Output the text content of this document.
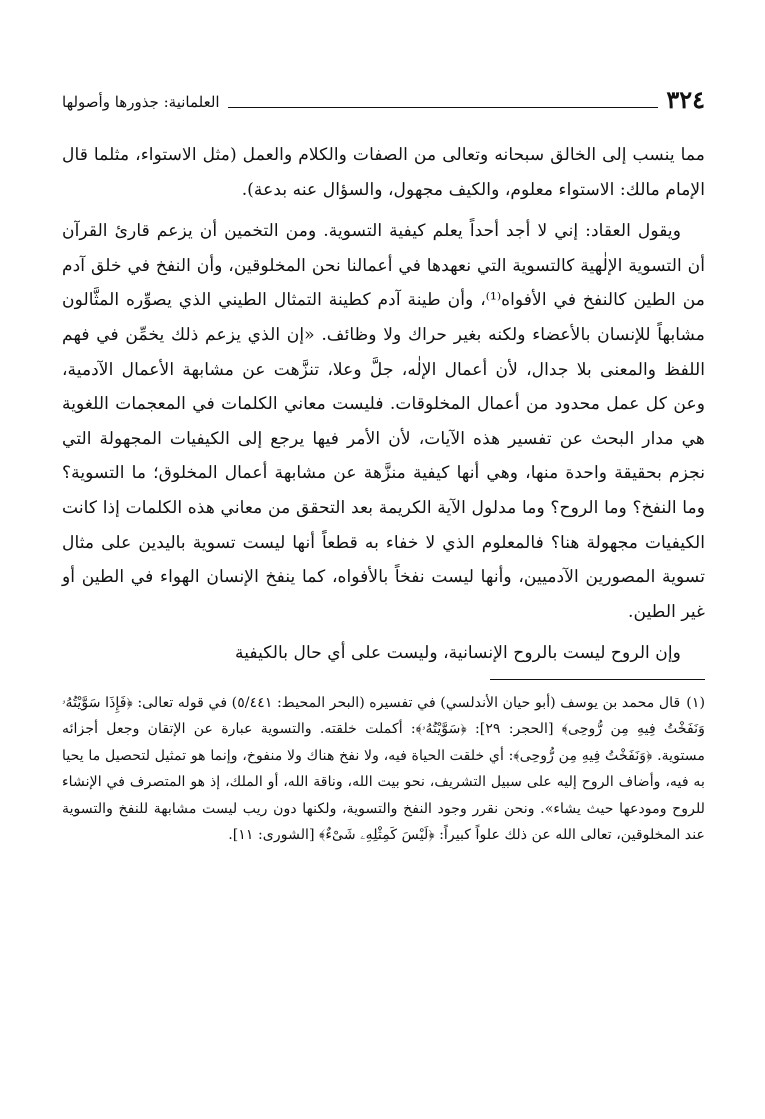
٣٢٤
العلمانية: جذورها وأصولها

مما ينسب إلى الخالق سبحانه وتعالى من الصفات والكلام والعمل (مثل الاستواء، مثلما قال الإمام مالك: الاستواء معلوم، والكيف مجهول، والسؤال عنه بدعة).

ويقول العقاد: إني لا أجد أحداً يعلم كيفية التسوية. ومن التخمين أن يزعم قارئ القرآن أن التسوية الإلٰهية كالتسوية التي نعهدها في أعمالنا نحن المخلوقين، وأن النفخ في خلق آدم من الطين كالنفخ في الأفواه⁽¹⁾، وأن طينة آدم كطينة التمثال الطيني الذي يصوِّره المثَّالون مشابهاً للإنسان بالأعضاء ولكنه بغير حراك ولا وظائف. «إن الذي يزعم ذلك يخمِّن في فهم اللفظ والمعنى بلا جدال، لأن أعمال الإلٰه، جلَّ وعلا، تنزَّهت عن مشابهة الأعمال الآدمية، وعن كل عمل محدود من أعمال المخلوقات. فليست معاني الكلمات في المعجمات اللغوية هي مدار البحث عن تفسير هذه الآيات، لأن الأمر فيها يرجع إلى الكيفيات المجهولة التي نجزم بحقيقة واحدة منها، وهي أنها كيفية منزَّهة عن مشابهة أعمال المخلوق؛ ما التسوية؟ وما النفخ؟ وما الروح؟ وما مدلول الآية الكريمة بعد التحقق من معاني هذه الكلمات إذا كانت الكيفيات مجهولة هنا؟ فالمعلوم الذي لا خفاء به قطعاً أنها ليست تسوية باليدين على مثال تسوية المصورين الآدميين، وأنها ليست نفخاً بالأفواه، كما ينفخ الإنسان الهواء في الطين أو غير الطين.

وإن الروح ليست بالروح الإنسانية، وليست على أي حال بالكيفية

(١)قال محمد بن يوسف (أبو حيان الأندلسي) في تفسيره (البحر المحيط: ٥/٤٤١) في قوله تعالى: ﴿فَإِذَا سَوَّيْتُهُۥ وَنَفَخْتُ فِيهِ مِن رُّوحِى﴾ [الحجر: ٢٩]: ﴿سَوَّيْتُهُۥ﴾: أكملت خلقته. والتسوية عبارة عن الإتقان وجعل أجزائه مستوية. ﴿وَنَفَخْتُ فِيهِ مِن رُّوحِى﴾: أي خلقت الحياة فيه، ولا نفخ هناك ولا منفوخ، وإنما هو تمثيل لتحصيل ما يحيا به فيه، وأضاف الروح إليه على سبيل التشريف، نحو بيت الله، وناقة الله، أو الملك، إذ هو المتصرف في الإنشاء للروح ومودعها حيث يشاء». ونحن نقرر وجود النفخ والتسوية، ولكنها دون ريب ليست مشابهة للنفخ والتسوية عند المخلوقين، تعالى الله عن ذلك علواً كبيراً: ﴿لَيْسَ كَمِثْلِهِۦ شَىْءٌ﴾ [الشورى: ١١].
